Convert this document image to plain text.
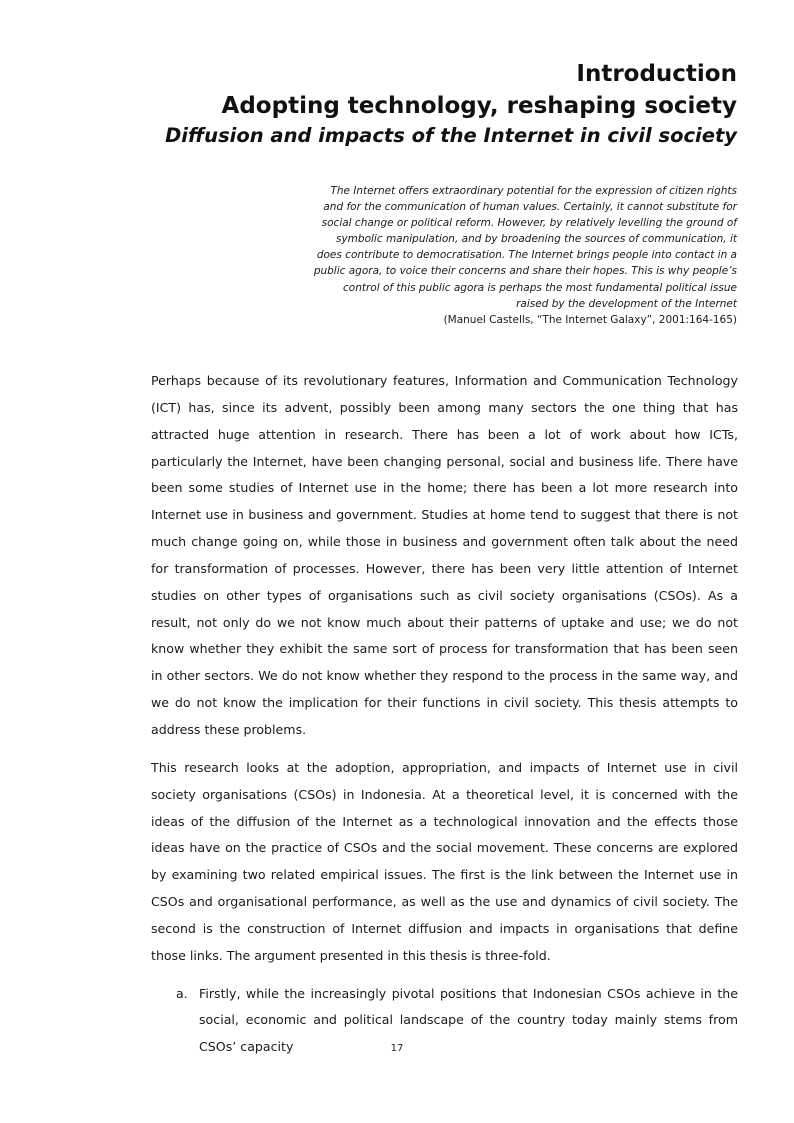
Introduction

Adopting technology, reshaping society

Diffusion and impacts of the Internet in civil society

The Internet offers extraordinary potential for the expression of citizen rights
and for the communication of human values. Certainly, it cannot substitute for
social change or political reform. However, by relatively levelling the ground of
symbolic manipulation, and by broadening the sources of communication, it
does contribute to democratisation. The Internet brings people into contact in a
public agora, to voice their concerns and share their hopes. This is why people’s
control of this public agora is perhaps the most fundamental political issue
raised by the development of the Internet
(Manuel Castells, “The Internet Galaxy”, 2001:164-165)

Perhaps because of its revolutionary features, Information and Communication Technology (ICT) has, since its advent, possibly been among many sectors the one thing that has attracted huge attention in research. There has been a lot of work about how ICTs, particularly the Internet, have been changing personal, social and business life. There have been some studies of Internet use in the home; there has been a lot more research into Internet use in business and government. Studies at home tend to suggest that there is not much change going on, while those in business and government often talk about the need for transformation of processes. However, there has been very little attention of Internet studies on other types of organisations such as civil society organisations (CSOs). As a result, not only do we not know much about their patterns of uptake and use; we do not know whether they exhibit the same sort of process for transformation that has been seen in other sectors. We do not know whether they respond to the process in the same way, and we do not know the implication for their functions in civil society. This thesis attempts to address these problems.

This research looks at the adoption, appropriation, and impacts of Internet use in civil society organisations (CSOs) in Indonesia. At a theoretical level, it is concerned with the ideas of the diffusion of the Internet as a technological innovation and the effects those ideas have on the practice of CSOs and the social movement. These concerns are explored by examining two related empirical issues. The first is the link between the Internet use in CSOs and organisational performance, as well as the use and dynamics of civil society. The second is the construction of Internet diffusion and impacts in organisations that define those links. The argument presented in this thesis is three-fold.

a. Firstly, while the increasingly pivotal positions that Indonesian CSOs achieve in the social, economic and political landscape of the country today mainly stems from CSOs’ capacity	17
